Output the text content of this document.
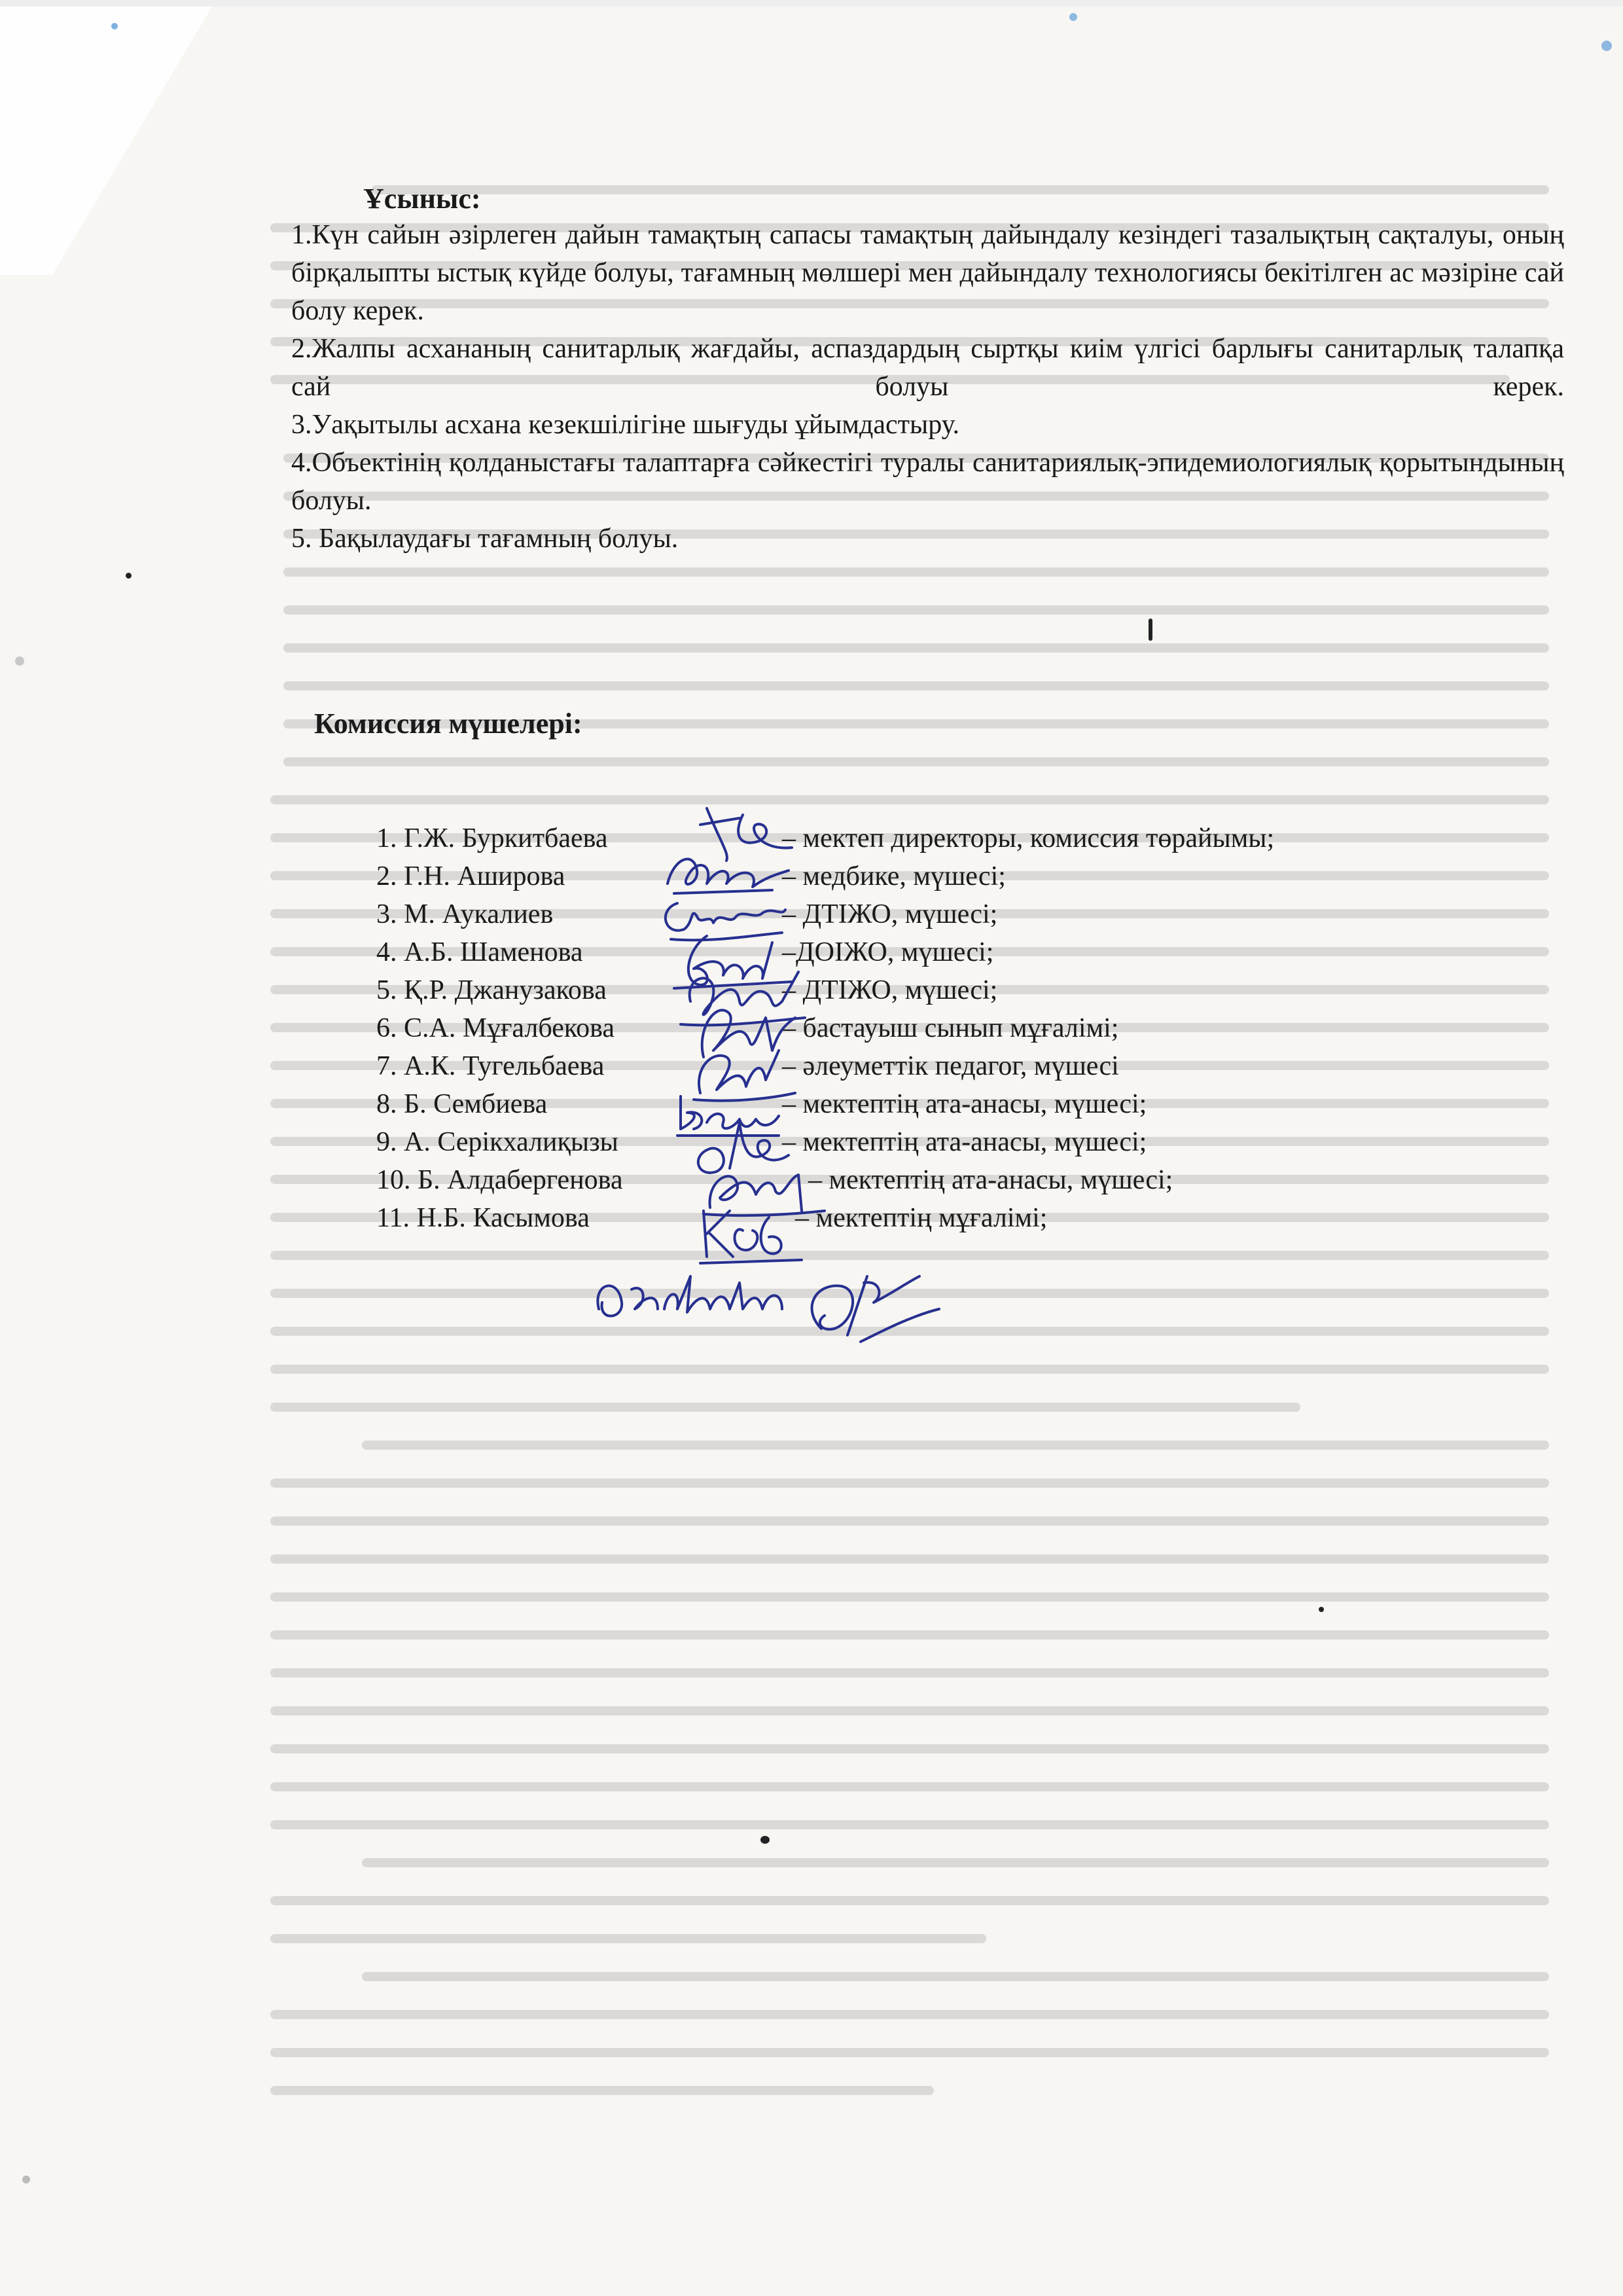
Ұсыныс:

1.Күн сайын әзірлеген дайын тамақтың сапасы тамақтың дайындалу кезіндегі тазалықтың сақталуы, оның бірқалыпты ыстық күйде болуы, тағамның мөлшері мен дайындалу технологиясы бекітілген ас мәзіріне сай болу керек.

2.Жалпы асхананың санитарлық жағдайы, аспаздардың сыртқы киім үлгісі барлығы санитарлық талапқа сай болуы керек.

3.Уақытылы асхана кезекшілігіне шығуды ұйымдастыру.

4.Объектінің қолданыстағы талаптарға сәйкестігі туралы санитариялық-эпидемиологиялық қорытындының болуы.

5. Бақылаудағы тағамның болуы.

Комиссия мүшелері:
1. Г.Ж. Буркитбаева	– мектеп директоры, комиссия төрайымы;
2. Г.Н. Аширова	– медбике, мүшесі;
3. М. Аукалиев	– ДТІЖО, мүшесі;
4. А.Б. Шаменова	–ДОІЖО, мүшесі;
5. Қ.Р. Джанузакова	– ДТІЖО, мүшесі;
6. С.А. Мұғалбекова	– бастауыш сынып мұғалімі;
7. А.К. Тугельбаева	– әлеуметтік педагог, мүшесі
8. Б. Сембиева	– мектептің ата-анасы, мүшесі;
9. А. Серікхалиқызы	– мектептің ата-анасы, мүшесі;
10. Б. Алдабергенова	– мектептің ата-анасы, мүшесі;
11. Н.Б. Касымова	– мектептің мұғалімі;
